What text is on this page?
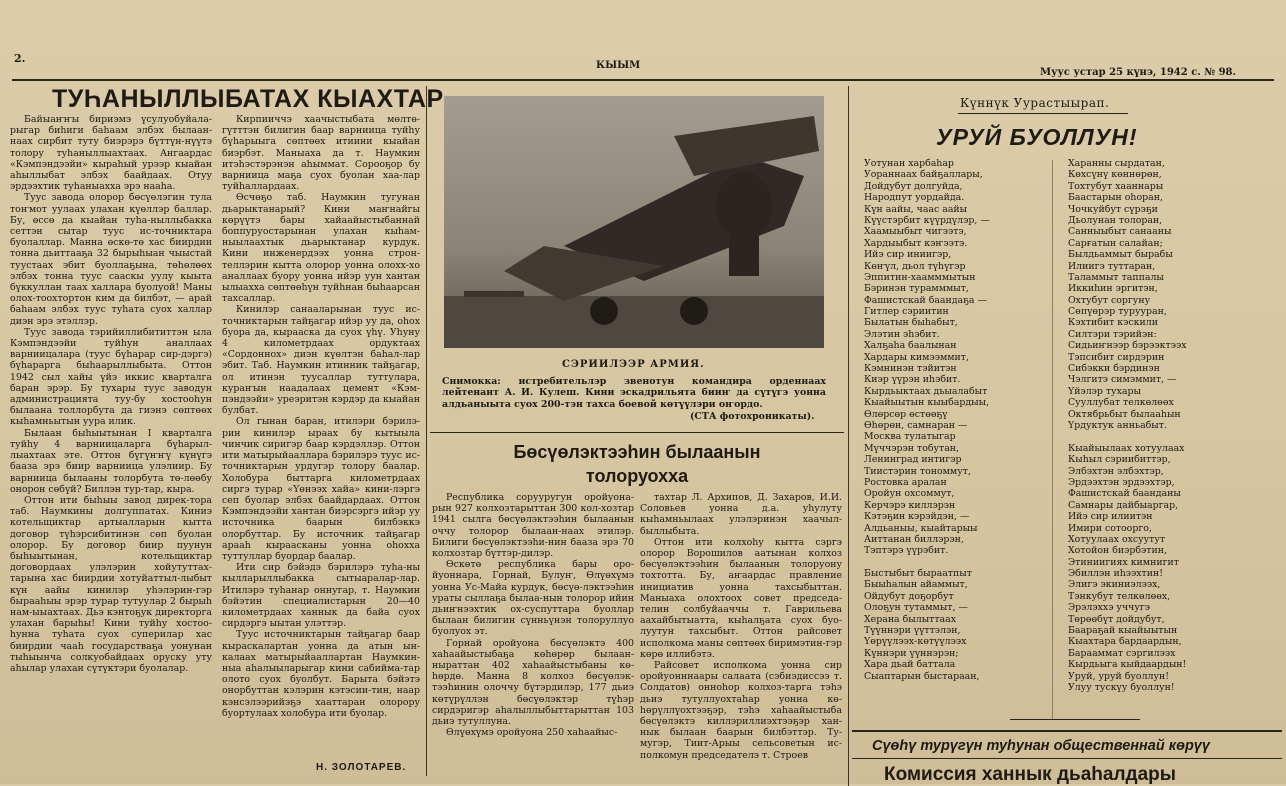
2.
КЫЫМ
Муус устар 25 күнэ, 1942 с. № 98.
ТУҺАНЫЛЛЫБАТАХ КЫАХТАР

Байыаҥҥы бириэмэ үсулуобуйала-рыгар биһиги баһаам элбэх былаан-наах сирбит туту биэрэрэ бүттүн-нүүтэ толору туһаныллыахтаах. Ангаардас «Кэмпэндээйи» кыраһый урээр кыайан аһыллыбат элбэх баайдаах. Отуу эрдээхтик туһаныахха эрэ нааһа.

Туус завода олорор бөсүөлэгин тула тоҥмот уулаах улахан күөллэр баллар. Бу, өссө да кыайан туһа-ныллыбакка сеттэн сытар туус ис-точниктара буолаллар. Манна өскө-тө хас биирдии тонна дьиттааҕа 32 бырыһыан чыыстай туустаах эбит буоллаҕына, төһөлөөх элбэх тонна туус сааскы уулу кыыта бүккуллан таах халлара буолуой! Маны олох-тоохтортон ким да билбэт, — арай баһаам элбэх туус туһата суох халлар диэн эрэ этэллэр.

Туус завода тэрийиллибититтэн ыла Кэмпэндээйи туйһун аналлаах варниицалара (туус бүһарар сир-дэргэ) бүһарарга быһаарыллыбыта. Оттон 1942 сыл хайы үйэ иккис кварталга баран эрэр. Бу тухары туус заводун администрацията туу-бу хостооһун былаана толлорбута да гиэнэ сөптөөх кыһамньытын уура илик.

Былаан быһыытынан I кварталга туйһу 4 варниицаларга бүһарыл-лыахтаах эте. Оттон бүгүҥҥү күнүгэ бааза эрэ биир варниица улэлиир. Бу варниица былааны толорбута тө-лөөбу онорон сөбүй? Биллэн тур-тар, кыра.

Оттон ити быһыы завод дирек-тора таб. Наумкины долгуппатах. Киниэ котельщиктар артыалларын кытта договор түһэрсибитинэн сөп буолан олорор. Бу договор биир пуунун быһыытынан, котельщиктар договордаах улэлэрин хойутуттах-тарына хас биирдии хотуйаттыл-лыбыт күн аайы кинилэр уһэлэрин-гэр бырааһыы эрэр турар тутуулар 2 бырыһ нам-ыыахтаах. Дьэ кэнтоҕук директорга улахан барыһы! Кини туйһу хостоо-һунна туһата суох суперилар хас биирдии чааһ государстваҕа уонунан тыһыынча солкуобайдаах оруску уту аһылар улахан сүтүктэри буолалар.

Кирпииччэ хаачыстыбата мөлтө-гүтттэн билигин баар варниица туйһу бүһарыыга сөптөөх итиини кыайан биэрбэт. Маныаха да т. Наумкин итэһэстэрэнэн аһыммат. Сорооҕор бу варниица маҕа суох буолан хаа-лар туйһаллардаах.

Өсчөҕо таб. Наумкин тугунан дьарыктанарый? Кини маҥнайгы көрүүтэ бары хайаайыстыбаннай боппуруостарынан улахан кыһам-ныылаахтык дьарыктанар курдук. Кини инженердээх уонна строн-теллэрин кытта олорор уонна олохх-хо аналлаах буору уонна ийэр уун хантан ылыахха сөптөөһүн туйһнан быһаарсан тахсаллар.

Кинилэр санааларынан туус ис-точниктарын тайҕагар ийэр уу да, оһох буора да, кырааска да суох үһү. Уһуну 4 километрдаах ордуктаах «Сордоннох» диэн күөлтэн баһал-лар эбит. Таб. Наумкин итинник тайҕагар, ол итинэн туусаллар туттулара, кураҥын наадалаах цемент «Кэм-пэндээйи» уреэритэн кэрдэр да кыайан булбат.

Ол гынан баран, итилэри бэрилэ-рин кинилэр ыраах бу кытыыла чинчик сиригэр баар кэрдэллэр. Оттон ити матырыйааллара бэрилэрэ туус ис-точниктарын урдугэр толору баалар. Холобура быттарга километрдаах сиргэ турар «Үөнээх хайа» кини-лэргэ сеп буолар элбэх баайдардаах. Оттон Кэмпэндээйи хантан биэрсэргэ ийэр уу источника баарын билбэккэ олорбуттар. Бу источник тайҕагар арааһ кыраасканы уонна оһохха туттуллар буордар баалар.

Ити сир бэйэдэ бэрилэрэ туһа-ны кылларыллыбакка сытыаралар-лар. Итилэрэ туһанар оннугар, т. Наумкин бэйэтин специалистарын 20—40 километрдаах ханнык да байа суох сирдэргэ ыытан улэттэр.

Туус источниктарын тайҕагар баар кыраскалартан уонна да атын ын-калаах матырыйааллартан Наумкин-ныа аһалыыларыгар кини сабийма-тар олото суох буолбут. Барыта бэйэтэ онорбуттан кэлэрин кэтэсии-тин, наар кэнсэлээрийэҕэ хааттаран олорору буортулаах холобура ити буолар.

Н. ЗОЛОТАРЕВ.
СЭРИИЛЭЭР АРМИЯ.
Снимокка: истребительлэр звенотун командира орденнаах лейтенант А. И. Кулеш. Кини эскадрильята бииҥ да сүтүгэ уонна алдьаныыта суох 200-тэн тахса боевой көтүүлэри оҥордо.
(СТА фотохроникаты).
Бөсүөлэктээһин былаанын
толоруохха

Республика сорууругун оройуона-рын 927 колхозтарыттан 300 кол-хозтар 1941 сылга бөсүөлэктээһин былаанын оччу толорор былаан-наах этилэр. Билиги бөсүөлэктээһи-нин бааза эрэ 70 колхозтар бүттэр-дилэр.

Өскөтө республика бары оро-йуоннара, Горнай, Булуҥ, Өлүөхүмэ уонна Ус-Майа курдук, бөсүө-лэктээһин ураты сыллаҕа былаа-нын толорор ийин дьиҥнээхтик ох-суспуттара буоллар былаан билигин сүнньүнэн толоруллуо буолуох эт.

Горнай оройуона бөсүөлэктэ 400 хаһаайыстыбаҕа көһөрөр былаан-ныраттан 402 хаһаайыстыбаны кө-һөрдө. Манна 8 колхоз бөсүөлэк-тээһинин олоччу бүтэрдилэр, 177 дьиэ көтүрүллэн бөсүөлэктэр түһэр сирдэригэр аһалыллыбыттарыттан 103 дьиэ тутуллуна.

Өлүөхүмэ оройуона 250 хаһаайыс-

тахтар Л. Архипов, Д. Захаров, И.И. Соловьев уонна д.а. уһулуту кыһамньылаах улэлэринэн хаачыл-быллыбыта.

Оттон ити колхоһу кытта сэргэ олорор Ворошилов аатынан колхоз бөсүөлэктээһин былаанын толоруону тохтотта. Бу, аҥаардас правление инициатив уонна тахсыбыттан. Маныаха олохтоох совет председа-телин солбуйааччы т. Гаврильева аахайбытыатта, кыһалҕата суох буо-луутун тахсыбыт. Оттон райсовет исполкома маны сөптөөх биримэтин-гэр көрө иллибэтэ.

Райсовет исполкома уонна сир оройуонннаары салаата (сэбиэдиссээ т. Солдатов) онноһор колхоз-тарга тэһэ дьиэ тутуллуохтаһар уонна кө-һөрүллүохтээҕэр, тэһэ хаһаайыстыба бөсүөлэктэ киллэриллиэхтээҕэр хан-нык былаан баарын билбэттэр. Ту-мугэр, Тиит-Арыы сельсоветын ис-полкомун председателэ т. Строев

Күннүк Уурастыырап.
УРУЙ БУОЛЛУН!
Уотунан харбаһар
Уораннаах байҕаллары,
Дойдубут долгуйда,
Народпут уордайда.
Күн аайы, чаас аайы
Күүстэрбит күүрдүлэр, —
Хаамыыбыт чигээтэ,
Хардыыбыт кэҥээтэ.
Ийэ сир иниигэр,
Көҥүл, дьол түһүгэр
Эппитин-хаамммытын
Бэринэн турамммыт,
Фашистскай баандаҕа —
Гитлер сэриитин
Былатын быһабыт,
Элэтин эһэбит.
Халҕаһа баалынан
Хардары кимээммит,
Кэмнинэн тэйитэн
Киэр үүрэн иһэбит.
Кырдьыктаах дьыалабыт
Кыайыытын кыыбардыы,
Өлөрсөр өстөөҕү
Өһөрөн, самнаран —
Москва тулатыгар
Мүччэрэн тобутан,
Ленинград интигэр
Тиистэрин тономмут,
Ростовка аралан
Оройун охсоммут,
Керчэрэ киллэрэн
Кэтэҕин кэрэйдэн, —
Алдьаныы, кыайтарыы
Аиттанан биллэрэн,
Тэптэрэ үүрэбит.
Быстыбыт быраатпыт
Быыһалын айаммыт,
Ойдубут доҕорбут
Олоҕун тутаммыт, —
Херана былыттаах
Түүннэри үүттэлэн,
Үөрүүлээх-көтүүлээх
Күннэри үүннэрэн;
Хара дьай баттала
Сыаптарын быстараан,
Харанны сырдатан,
Көхсүнү көннөрөн,
Тохтубут хааннары
Баастарын оһоран,
Чочкуйбут сүрэҕи
Дьолунан толоран,
Санныыбыт санааны
Сарғатын салайан;
Былдьаммыт бырабы
Илиигэ туттаран,
Таламмыт таппалы
Иккиһин эргитэн,
Охтубут соргуну
Сөпүөрэр турууран,
Кэхтибит кэскили
Силтэри тэрийэн:
Сидьиҥнээр бэрээктээх
Тэпсибит сирдэрин
Сибэкки бэрдинэн
Чэлгитэ симэммит, —
Үйэлэр тухары
Сууллубат телкөлөөх
Октябрьбыт былааһын
Үрдуктук анньабыт.
Кыайыылаах хотуулаах
Кыһыл сэриибиттэр,
Элбэхтэн элбэхтэр,
Эрдээхтэн эрдээхтэр,
Фашистскай баанданы
Самнары дайбыаргар,
Ийэ сир илиитэн
Имири сотоорго,
Хотуулаах охсуутут
Хотойон биэрбэтин,
Этиниигиях кимнигит
Эбиллэн иһээхтин!
Элигэ экиниэлээх,
Тэнкубут телкөлөөх,
Эрэлэххэ уччугэ
Төрөөбүт дойдубут,
Баараҕай кыайыытын
Кыахтара бардаардын,
Барааммат сэргилээх
Кырдьыга кыйдаардын!
Уруй, уруй буоллун!
Улуу тускүу буоллун!
Сүөһү турүгүн туһунан общественнай көрүү
Комиссия ханнык дьаһалдары
